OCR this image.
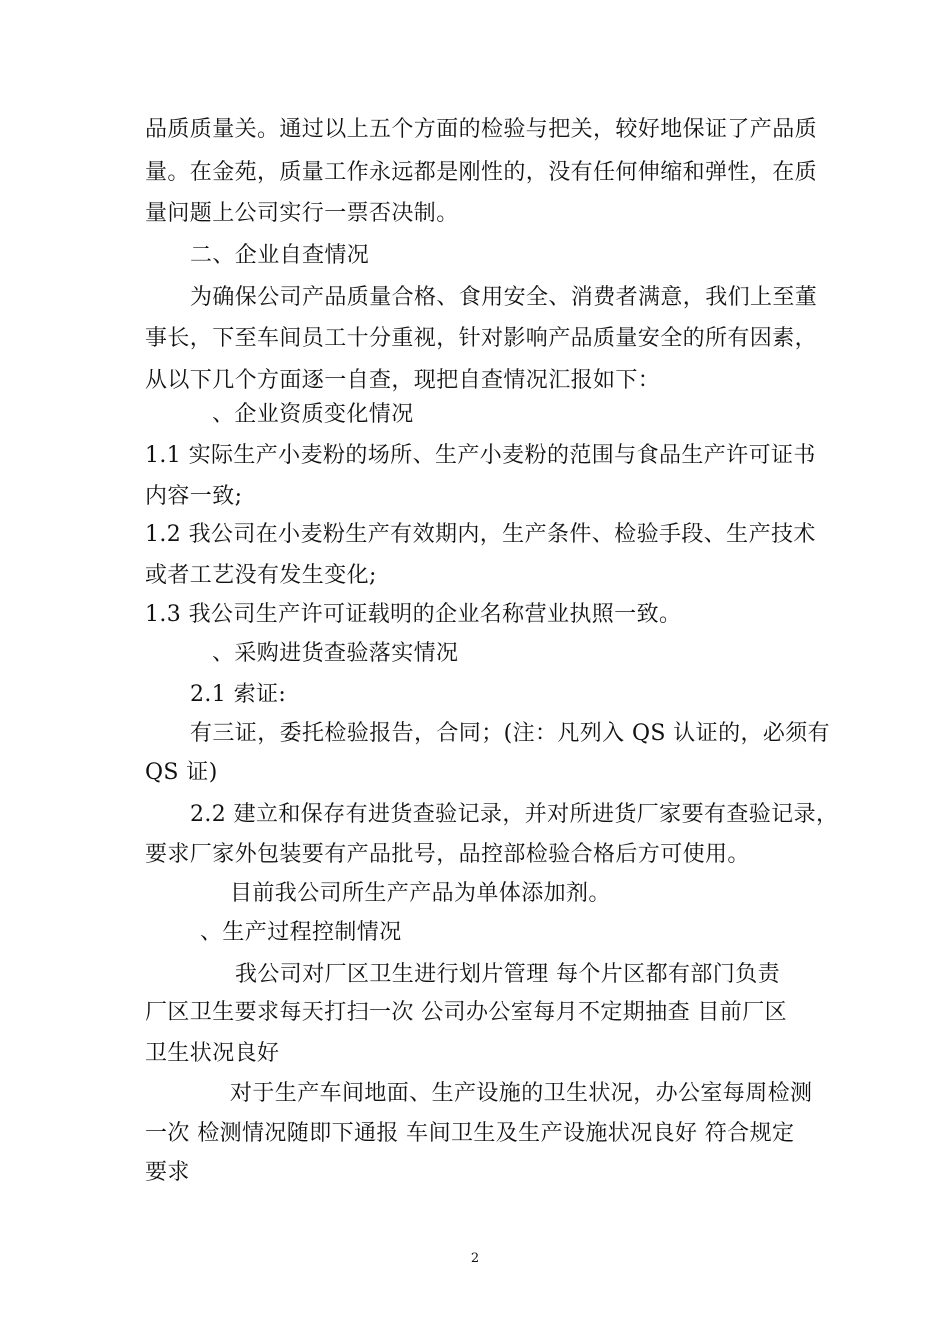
品质质量关。通过以上五个方面的检验与把关，较好地保证了产品质
量。在金苑，质量工作永远都是刚性的，没有任何伸缩和弹性，在质
量问题上公司实行一票否决制。
二、企业自查情况
为确保公司产品质量合格、食用安全、消费者满意，我们上至董
事长，下至车间员工十分重视，针对影响产品质量安全的所有因素，
从以下几个方面逐一自查，现把自查情况汇报如下：
、企业资质变化情况
1.1 实际生产小麦粉的场所、生产小麦粉的范围与食品生产许可证书
内容一致;
1.2 我公司在小麦粉生产有效期内，生产条件、检验手段、生产技术
或者工艺没有发生变化;
1.3 我公司生产许可证载明的企业名称营业执照一致。
、采购进货查验落实情况
2.1 索证:
有三证，委托检验报告，合同；(注：凡列入 QS 认证的，必须有
QS 证)
2.2 建立和保存有进货查验记录，并对所进货厂家要有查验记录，
要求厂家外包装要有产品批号，品控部检验合格后方可使用。
目前我公司所生产产品为单体添加剂。
、生产过程控制情况
我公司对厂区卫生进行划片管理 每个片区都有部门负责
厂区卫生要求每天打扫一次 公司办公室每月不定期抽查 目前厂区
卫生状况良好
对于生产车间地面、生产设施的卫生状况，办公室每周检测
一次 检测情况随即下通报 车间卫生及生产设施状况良好 符合规定
要求
2
